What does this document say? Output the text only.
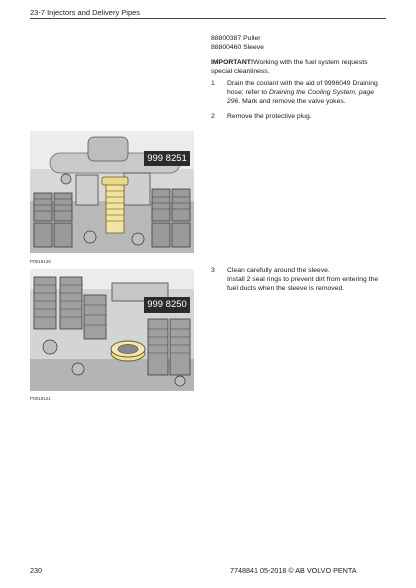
23-7 Injectors and Delivery Pipes
88800387 Puller
88800460 Sleeve
IMPORTANT!Working with the fuel system requests special cleanliness.
1 Drain the coolant with the aid of 9996049 Draining hose; refer to Draining the Cooling System, page 296. Mark and remove the valve yokes.
2 Remove the protective plug.
3 Clean carefully around the sleeve.
Install 2 seal rings to prevent dirt from entering the fuel ducts when the sleeve is removed.
999 8251
P0019120
999 8250
P0019121
230	7748841 05-2018 © AB VOLVO PENTA
